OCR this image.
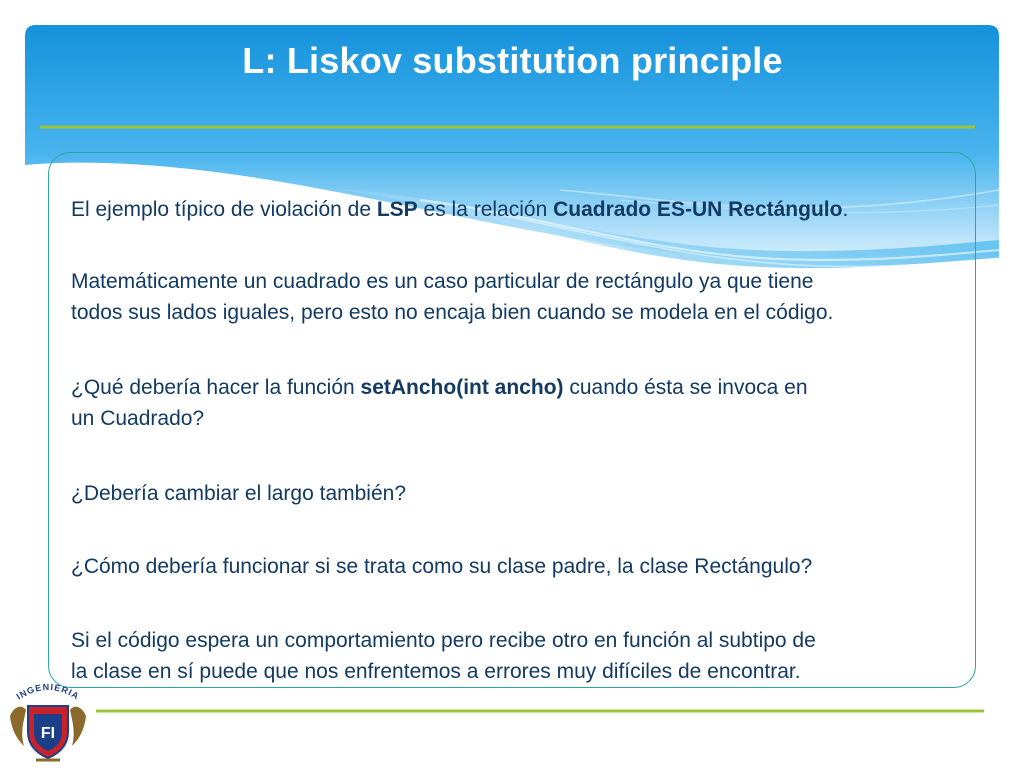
L: Liskov substitution principle
El ejemplo típico de violación de LSP es la relación Cuadrado ES-UN Rectángulo.
Matemáticamente un cuadrado es un caso particular de rectángulo ya que tiene
todos sus lados iguales, pero esto no encaja bien cuando se modela en el código.
¿Qué debería hacer la función setAncho(int ancho) cuando ésta se invoca en
un Cuadrado?
¿Debería cambiar el largo también?
¿Cómo debería funcionar si se trata como su clase padre, la clase Rectángulo?
Si el código espera un comportamiento pero recibe otro en función al subtipo de
la clase en sí puede que nos enfrentemos a errores muy difíciles de encontrar.
INGENIERIA
FI
